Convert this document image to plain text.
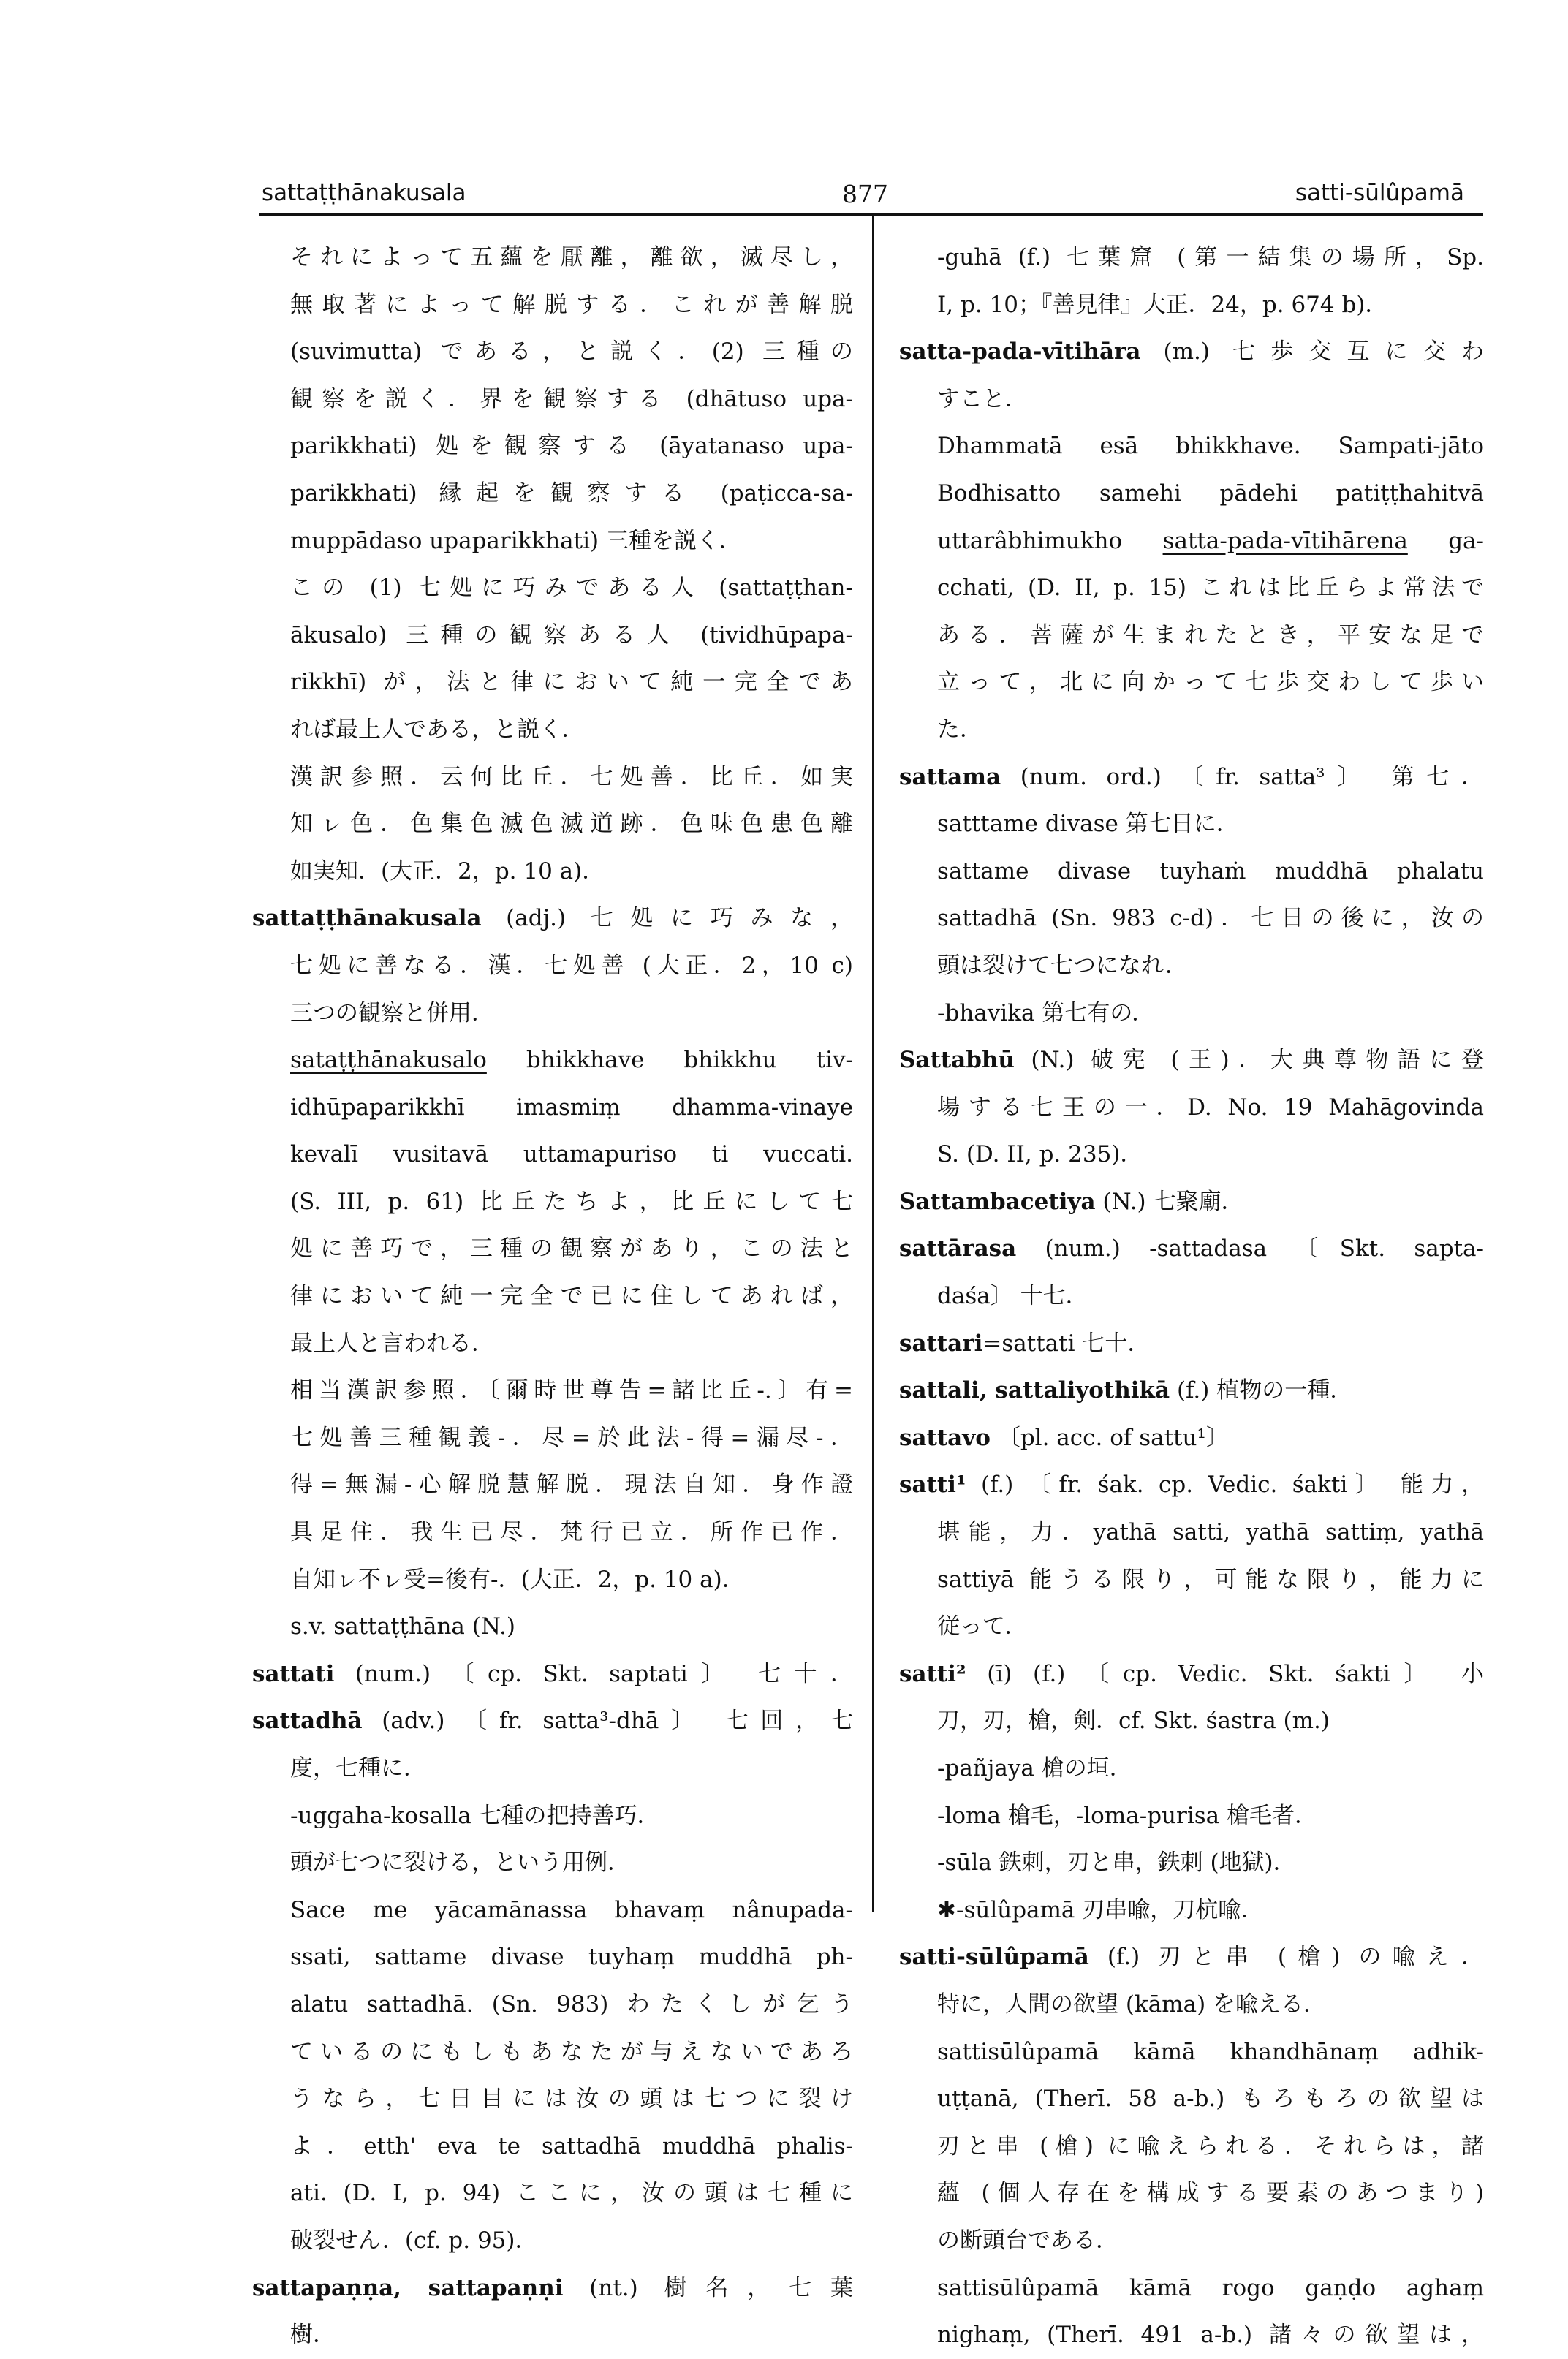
sattaṭṭhānakusala	877	satti-sūlûpamā
それによって五蘊を厭離，離欲，滅尽し，
無取著によって解脱する．これが善解脱
(suvimutta) である，と説く．(2) 三種の
観察を説く．界を観察する (dhātuso upa-
parikkhati) 処を観察する (āyatanaso upa-
parikkhati) 縁起を観察する (paṭicca-sa-
muppādaso upaparikkhati) 三種を説く．
この (1) 七処に巧みである人 (sattaṭṭhan-
ākusalo) 三種の観察ある人 (tividhūpapa-
rikkhī) が，法と律において純一完全であ
れば最上人である，と説く．
漢訳参照．云何比丘．七処善．比丘．如実
知ㇾ色．色集色滅色滅道跡．色味色患色離
如実知．(大正．2，p. 10 a)．
sattaṭṭhānakusala (adj.) 七処に巧みな，
七処に善なる．漢．七処善 (大正．2，10 c)
三つの観察と併用．
sataṭṭhānakusalo bhikkhave bhikkhu tiv-
idhūpaparikkhī imasmiṃ dhamma-vinaye
kevalī vusitavā uttamapuriso ti vuccati.
(S. III, p. 61) 比丘たちよ，比丘にして七
処に善巧で，三種の観察があり，この法と
律において純一完全で已に住してあれば，
最上人と言われる．
相当漢訳参照．〔爾時世尊告=諸比丘-.〕有=
七処善三種観義-．尽=於此法-得=漏尽-．
得=無漏-心解脱慧解脱．現法自知．身作證
具足住．我生已尽．梵行已立．所作已作．
自知ㇾ不ㇾ受=後有-．(大正．2，p. 10 a)．
s.v. sattaṭṭhāna (N.)
sattati (num.) 〔cp. Skt. saptati〕 七十．
sattadhā (adv.) 〔fr. satta³-dhā〕 七回，七
度，七種に．
-uggaha-kosalla 七種の把持善巧．
頭が七つに裂ける，という用例．
Sace me yācamānassa bhavaṃ nânupada-
ssati, sattame divase tuyhaṃ muddhā ph-
alatu sattadhā. (Sn. 983) わたくしが乞う
ているのにもしもあなたが与えないであろ
うなら，七日目には汝の頭は七つに裂け
よ．etth' eva te sattadhā muddhā phalis-
ati. (D. I, p. 94) ここに，汝の頭は七種に
破裂せん．(cf. p. 95)．
sattapaṇṇa, sattapaṇṇi (nt.) 樹名，七葉
樹．
-guhā (f.) 七葉窟 (第一結集の場所，Sp.
I, p. 10；『善見律』大正．24，p. 674 b)．
satta-pada-vītihāra (m.) 七歩交互に交わ
すこと．
Dhammatā esā bhikkhave. Sampati-jāto
Bodhisatto samehi pādehi patiṭṭhahitvā
uttarâbhimukho satta-pada-vītihārena ga-
cchati, (D. II, p. 15) これは比丘らよ常法で
ある．菩薩が生まれたとき，平安な足で
立って，北に向かって七歩交わして歩い
た．
sattama (num. ord.) 〔fr. satta³〕 第七．
satttame divase 第七日に．
sattame divase tuyhaṁ muddhā phalatu
sattadhā (Sn. 983 c-d)．七日の後に，汝の
頭は裂けて七つになれ．
-bhavika 第七有の．
Sattabhū (N.) 破宪 (王)．大典尊物語に登
場する七王の一．D. No. 19 Mahāgovinda
S. (D. II, p. 235)．
Sattambacetiya (N.) 七聚廟．
sattārasa (num.) -sattadasa 〔Skt. sapta-
daśa〕 十七．
sattari=sattati 七十．
sattali, sattaliyothikā (f.) 植物の一種．
sattavo 〔pl. acc. of sattu¹〕
satti¹ (f.) 〔fr. śak. cp. Vedic. śakti〕 能力，
堪能，力．yathā satti, yathā sattiṃ, yathā
sattiyā 能うる限り，可能な限り，能力に
従って．
satti² (ī) (f.) 〔cp. Vedic. Skt. śakti〕 小
刀，刃，槍，剣．cf. Skt. śastra (m.)
-pañjaya 槍の垣．
-loma 槍毛，-loma-purisa 槍毛者．
-sūla 鉄刺，刃と串，鉄刺 (地獄)．
✱-sūlûpamā 刃串喩，刀杭喩．
satti-sūlûpamā (f.) 刃と串 (槍) の喩え．
特に，人間の欲望 (kāma) を喩える．
sattisūlûpamā kāmā khandhānaṃ adhik-
uṭṭanā, (Therī. 58 a-b.) もろもろの欲望は
刃と串 (槍) に喩えられる．それらは，諸
蘊 (個人存在を構成する要素のあつまり)
の断頭台である．
sattisūlûpamā kāmā rogo gaṇḍo aghaṃ
nighaṃ, (Therī. 491 a-b.) 諸々の欲望は，
